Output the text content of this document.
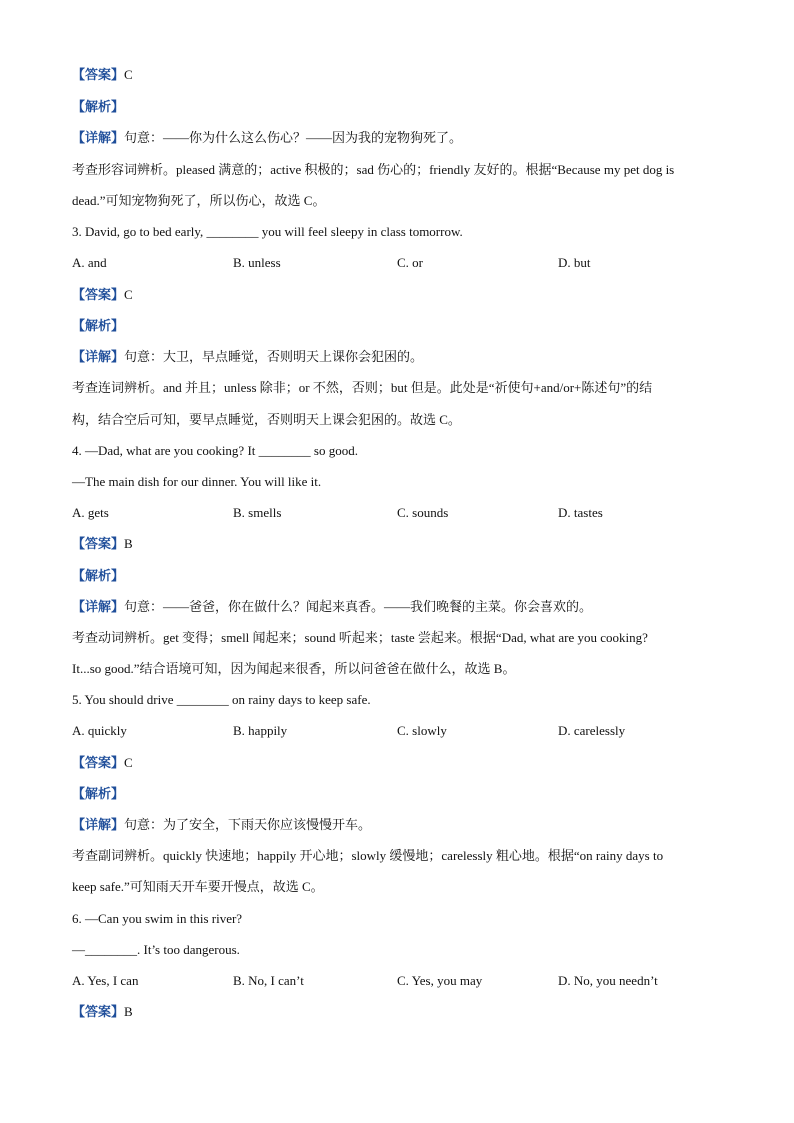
【答案】C
【解析】
【详解】句意：——你为什么这么伤心？——因为我的宠物狗死了。
考查形容词辨析。pleased 满意的；active 积极的；sad 伤心的；friendly 友好的。根据“Because my pet dog is
dead.”可知宠物狗死了，所以伤心，故选 C。
3. David, go to bed early, ________ you will feel sleepy in class tomorrow.
A. and	B. unless	C. or	D. but
【答案】C
【解析】
【详解】句意：大卫，早点睡觉，否则明天上课你会犯困的。
考查连词辨析。and 并且；unless 除非；or 不然，否则；but 但是。此处是“祈使句+and/or+陈述句”的结
构，结合空后可知，要早点睡觉，否则明天上课会犯困的。故选 C。
4. —Dad, what are you cooking? It ________ so good.
—The main dish for our dinner. You will like it.
A. gets	B. smells	C. sounds	D. tastes
【答案】B
【解析】
【详解】句意：——爸爸，你在做什么？闻起来真香。——我们晚餐的主菜。你会喜欢的。
考查动词辨析。get 变得；smell 闻起来；sound 听起来；taste 尝起来。根据“Dad, what are you cooking?
It...so good.”结合语境可知，因为闻起来很香，所以问爸爸在做什么，故选 B。
5. You should drive ________ on rainy days to keep safe.
A. quickly	B. happily	C. slowly	D. carelessly
【答案】C
【解析】
【详解】句意：为了安全，下雨天你应该慢慢开车。
考查副词辨析。quickly 快速地；happily 开心地；slowly 缓慢地；carelessly 粗心地。根据“on rainy days to
keep safe.”可知雨天开车要开慢点，故选 C。
6. —Can you swim in this river?
—________. It’s too dangerous.
A. Yes, I can	B. No, I can’t	C. Yes, you may	D. No, you needn’t
【答案】B
